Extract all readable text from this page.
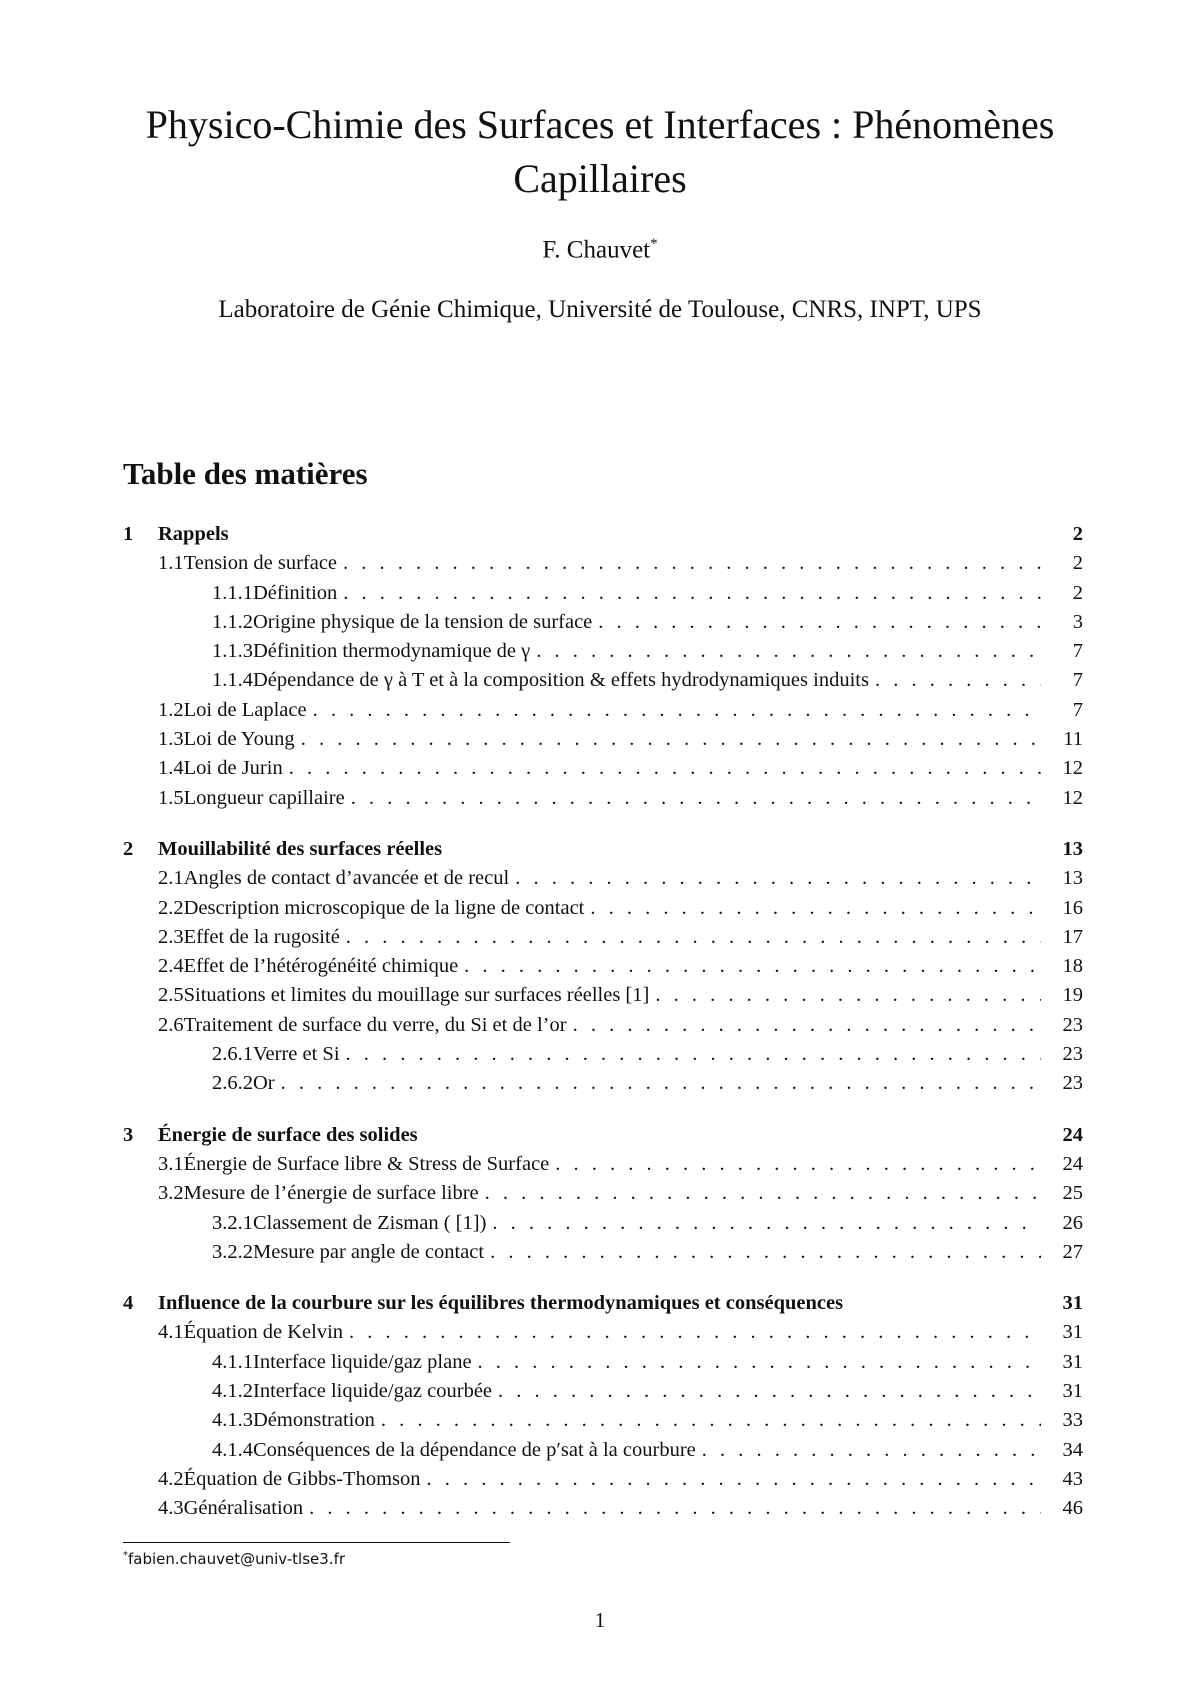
Physico-Chimie des Surfaces et Interfaces : Phénomènes
Capillaires
F. Chauvet*
Laboratoire de Génie Chimique, Université de Toulouse, CNRS, INPT, UPS
Table des matières
1	Rappels	2
1.1 Tension de surface . . .	2
1.1.1 Définition . . .	2
1.1.2 Origine physique de la tension de surface . . .	3
1.1.3 Définition thermodynamique de γ . . .	7
1.1.4 Dépendance de γ à T et à la composition & effets hydrodynamiques induits . . .	7
1.2 Loi de Laplace . . .	7
1.3 Loi de Young . . .	11
1.4 Loi de Jurin . . .	12
1.5 Longueur capillaire . . .	12
2	Mouillabilité des surfaces réelles	13
2.1 Angles de contact d’avancée et de recul . . .	13
2.2 Description microscopique de la ligne de contact . . .	16
2.3 Effet de la rugosité . . .	17
2.4 Effet de l’hétérogénéité chimique . . .	18
2.5 Situations et limites du mouillage sur surfaces réelles [1] . . .	19
2.6 Traitement de surface du verre, du Si et de l’or . . .	23
2.6.1 Verre et Si . . .	23
2.6.2 Or . . .	23
3	Énergie de surface des solides	24
3.1 Énergie de Surface libre & Stress de Surface . . .	24
3.2 Mesure de l’énergie de surface libre . . .	25
3.2.1 Classement de Zisman ( [1]) . . .	26
3.2.2 Mesure par angle de contact . . .	27
4	Influence de la courbure sur les équilibres thermodynamiques et conséquences	31
4.1 Équation de Kelvin . . .	31
4.1.1 Interface liquide/gaz plane . . .	31
4.1.2 Interface liquide/gaz courbée . . .	31
4.1.3 Démonstration . . .	33
4.1.4 Conséquences de la dépendance de p′sat à la courbure . . .	34
4.2 Équation de Gibbs-Thomson . . .	43
4.3 Généralisation . . .	46
*fabien.chauvet@univ-tlse3.fr
1
